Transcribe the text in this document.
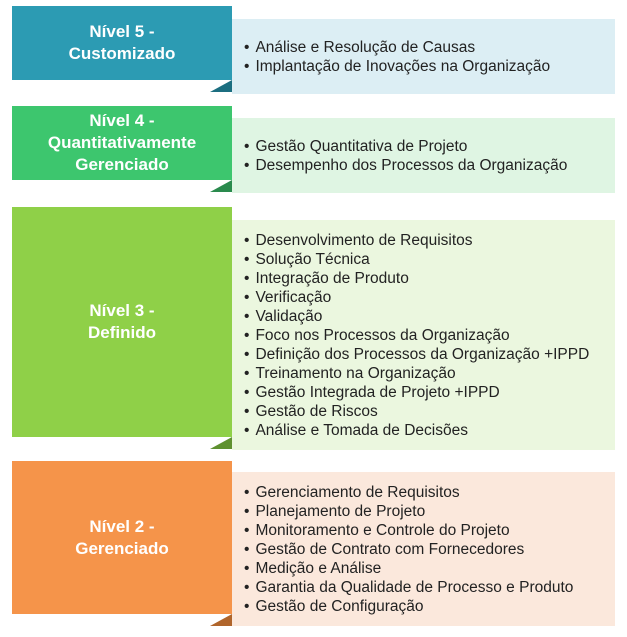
• Análise e Resolução de Causas
• Implantação de Inovações na Organização
Nível 5 -
Customizado
• Gestão Quantitativa de Projeto
• Desempenho dos Processos da Organização
Nível 4 -
Quantitativamente
Gerenciado
• Desenvolvimento de Requisitos
• Solução Técnica
• Integração de Produto
• Verificação
• Validação
• Foco nos Processos da Organização
• Definição dos Processos da Organização +IPPD
• Treinamento na Organização
• Gestão Integrada de Projeto +IPPD
• Gestão de Riscos
• Análise e Tomada de Decisões
Nível 3 -
Definido
• Gerenciamento de Requisitos
• Planejamento de Projeto
• Monitoramento e Controle do Projeto
• Gestão de Contrato com Fornecedores
• Medição e Análise
• Garantia da Qualidade de Processo e Produto
• Gestão de Configuração
Nível 2 -
Gerenciado
